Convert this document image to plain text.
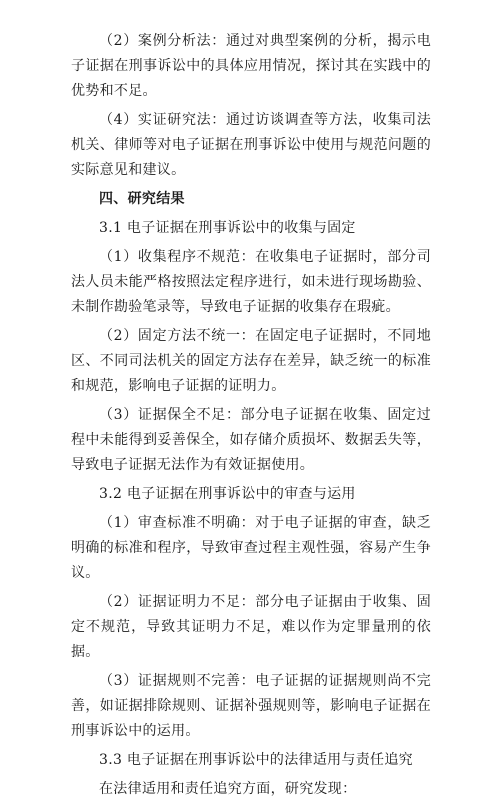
（2）案例分析法：通过对典型案例的分析，揭示电子证据在刑事诉讼中的具体应用情况，探讨其在实践中的优势和不足。

（4）实证研究法：通过访谈调查等方法，收集司法机关、律师等对电子证据在刑事诉讼中使用与规范问题的实际意见和建议。

四、研究结果

3.1 电子证据在刑事诉讼中的收集与固定

（1）收集程序不规范：在收集电子证据时，部分司法人员未能严格按照法定程序进行，如未进行现场勘验、未制作勘验笔录等，导致电子证据的收集存在瑕疵。

（2）固定方法不统一：在固定电子证据时，不同地区、不同司法机关的固定方法存在差异，缺乏统一的标准和规范，影响电子证据的证明力。

（3）证据保全不足：部分电子证据在收集、固定过程中未能得到妥善保全，如存储介质损坏、数据丢失等，导致电子证据无法作为有效证据使用。

3.2 电子证据在刑事诉讼中的审查与运用

（1）审查标准不明确：对于电子证据的审查，缺乏明确的标准和程序，导致审查过程主观性强，容易产生争议。

（2）证据证明力不足：部分电子证据由于收集、固定不规范，导致其证明力不足，难以作为定罪量刑的依据。

（3）证据规则不完善：电子证据的证据规则尚不完善，如证据排除规则、证据补强规则等，影响电子证据在刑事诉讼中的运用。

3.3 电子证据在刑事诉讼中的法律适用与责任追究

在法律适用和责任追究方面，研究发现：
